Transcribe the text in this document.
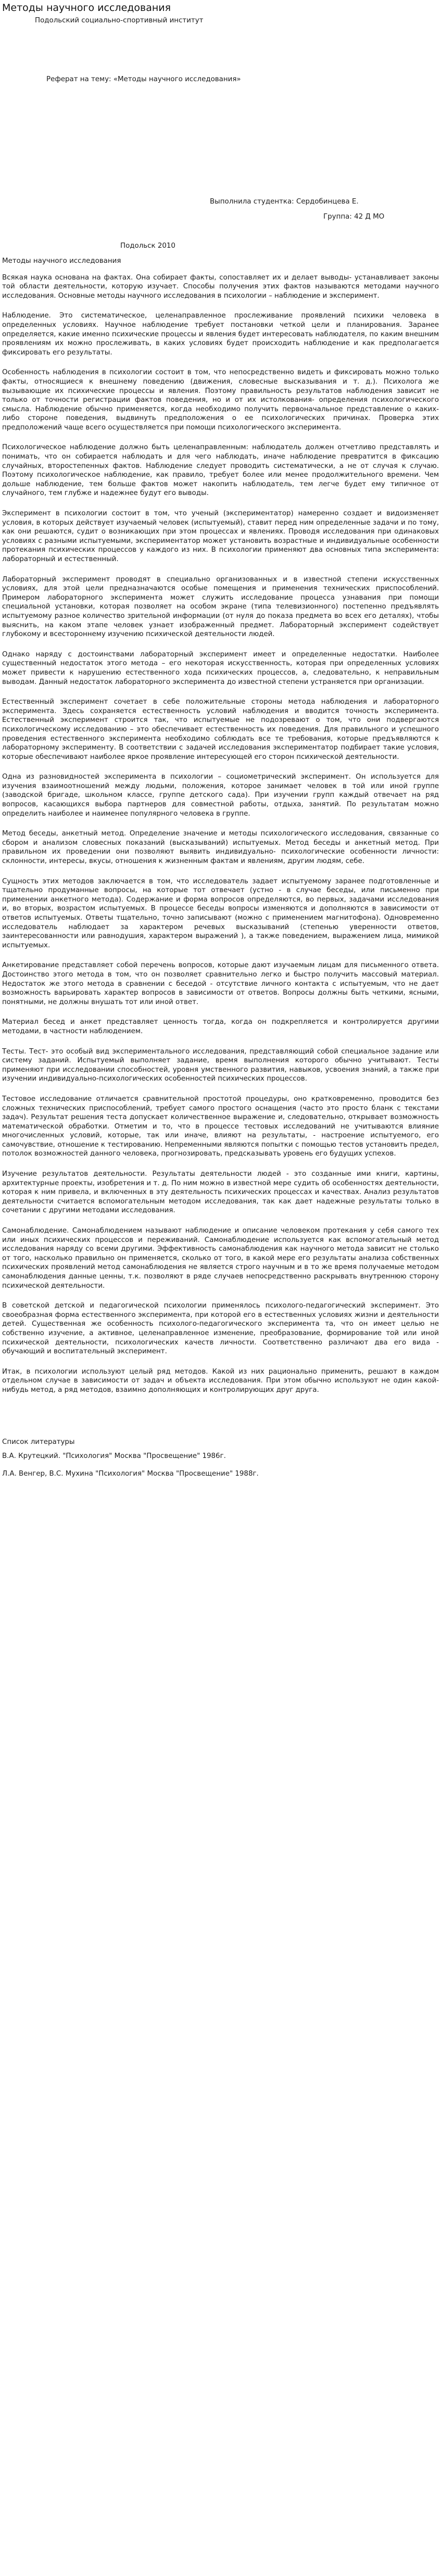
Методы научного исследования
Подольский социально-спортивный институт
Реферат на тему: «Методы научного исследования»
Выполнила студентка: Сердобинцева Е.
Группа: 42 Д МО
Подольск 2010
Методы научного исследования

Всякая наука основана на фактах. Она собирает факты, сопоставляет их и делает выводы- устанавливает законы той области деятельности, которую изучает. Способы получения этих фактов называются методами научного исследования. Основные методы научного исследования в психологии – наблюдение и эксперимент.

Наблюдение. Это систематическое, целенаправленное прослеживание проявлений психики человека в определенных условиях. Научное наблюдение требует постановки четкой цели и планирования. Заранее определяется, какие именно психические процессы и явления будет интересовать наблюдателя, по каким внешним проявлениям их можно прослеживать, в каких условиях будет происходить наблюдение и как предполагается фиксировать его результаты.

Особенность наблюдения в психологии состоит в том, что непосредственно видеть и фиксировать можно только факты, относящиеся к внешнему поведению (движения, словесные высказывания и т. д.). Психолога же вызывающие их психические процессы и явления. Поэтому правильность результатов наблюдения зависит не только от точности регистрации фактов поведения, но и от их истолкования- определения психологического смысла. Наблюдение обычно применяется, когда необходимо получить первоначальное представление о каких-либо сторонe поведения, выдвинуть предположения о ее психологических причинах. Проверка этих предположений чаще всего осуществляется при помощи психологического эксперимента.

Психологическое наблюдение должно быть целенаправленным: наблюдатель должен отчетливо представлять и понимать, что он собирается наблюдать и для чего наблюдать, иначе наблюдение превратится в фиксацию случайных, второстепенных фактов. Наблюдение следует проводить систематически, а не от случая к случаю. Поэтому психологическое наблюдение, как правило, требует более или менее продолжительного времени. Чем дольше наблюдение, тем больше фактов может накопить наблюдатель, тем легче будет ему типичное от случайного, тем глубже и надежнее будут его выводы.

Эксперимент в психологии состоит в том, что ученый (экспериментатор) намеренно создает и видоизменяет условия, в которых действует изучаемый человек (испытуемый), ставит перед ним определенные задачи и по тому, как они решаются, судит о возникающих при этом процессах и явлениях. Проводя исследования при одинаковых условиях с разными испытуемыми, экспериментатор может установить возрастные и индивидуальные особенности протекания психических процессов у каждого из них. В психологии применяют два основных типа эксперимента: лабораторный и естественный.

Лабораторный эксперимент проводят в специально организованных и в известной степени искусственных условиях, для этой цели предназначаются особые помещения и применения технических приспособлений. Примером лабораторного эксперимента может служить исследование процесса узнавания при помощи специальной установки, которая позволяет на особом экране (типа телевизионного) постепенно предъявлять испытуемому разное количество зрительной информации (от нуля до показа предмета во всех его деталях), чтобы выяснить, на каком этапе человек узнает изображенный предмет. Лабораторный эксперимент содействует глубокому и всестороннему изучению психической деятельности людей.

Однако наряду с достоинствами лабораторный эксперимент имеет и определенные недостатки. Наиболее существенный недостаток этого метода – его некоторая искусственность, которая при определенных условиях может привести к нарушению естественного хода психических процессов, а, следовательно, к неправильным выводам. Данный недостаток лабораторного эксперимента до известной степени устраняется при организации.

Естественный эксперимент сочетает в себе положительные стороны метода наблюдения и лабораторного эксперимента. Здесь сохраняется естественность условий наблюдения и вводится точность эксперимента. Естественный эксперимент строится так, что испытуемые не подозревают о том, что они подвергаются психологическому исследованию – это обеспечивает естественность их поведения. Для правильного и успешного проведения естественного эксперимента необходимо соблюдать все те требования, которые предъявляются к лабораторному эксперименту. В соответствии с задачей исследования экспериментатор подбирает такие условия, которые обеспечивают наиболее яркое проявление интересующей его сторон психической деятельности.

Одна из разновидностей эксперимента в психологии – социометрический эксперимент. Он используется для изучения взаимоотношений между людьми, положения, которое занимает человек в той или иной группе (заводской бригаде, школьном классе, группе детского сада). При изучении групп каждый отвечает на ряд вопросов, касающихся выбора партнеров для совместной работы, отдыха, занятий. По результатам можно определить наиболее и наименее популярного человека в группе.

Метод беседы, анкетный метод. Определение значение и методы психологического исследования, связанные со сбором и анализом словесных показаний (высказываний) испытуемых. Метод беседы и анкетный метод. При правильном их проведении они позволяют выявить индивидуально- психологические особенности личности: склонности, интересы, вкусы, отношения к жизненным фактам и явлениям, другим людям, себе.

Сущность этих методов заключается в том, что исследователь задает испытуемому заранее подготовленные и тщательно продуманные вопросы, на которые тот отвечает (устно - в случае беседы, или письменно при применении анкетного метода). Содержание и форма вопросов определяются, во первых, задачами исследования и, во вторых, возрастом испытуемых. В процессе беседы вопросы изменяются и дополняются в зависимости от ответов испытуемых. Ответы тщательно, точно записывают (можно с применением магнитофона). Одновременно исследователь наблюдает за характером речевых высказываний (степенью уверенности ответов, заинтересованности или равнодушия, характером выражений ), а также поведением, выражением лица, мимикой испытуемых.

Анкетирование представляет собой перечень вопросов, которые дают изучаемым лицам для письменного ответа. Достоинство этого метода в том, что он позволяет сравнительно легко и быстро получить массовый материал. Недостаток же этого метода в сравнении с беседой - отсутствие личного контакта с испытуемым, что не дает возможность варьировать характер вопросов в зависимости от ответов. Вопросы должны быть четкими, ясными, понятными, не должны внушать тот или иной ответ.

Материал бесед и анкет представляет ценность тогда, когда он подкрепляется и контролируется другими методами, в частности наблюдением.

Тесты. Тест- это особый вид экспериментального исследования, представляющий собой специальное задание или систему заданий. Испытуемый выполняет задание, время выполнения которого обычно учитывают. Тесты применяют при исследовании способностей, уровня умственного развития, навыков, усвоения знаний, а также при изучении индивидуально-психологических особенностей психических процессов.

Тестовое исследование отличается сравнительной простотой процедуры, оно кратковременно, проводится без сложных технических приспособлений, требует самого простого оснащения (часто это просто бланк с текстами задач). Результат решения теста допускает количественное выражение и, следовательно, открывает возможность математической обработки. Отметим и то, что в процессе тестовых исследований не учитываются влияние многочисленных условий, которые, так или иначе, влияют на результаты, - настроение испытуемого, его самочувствие, отношение к тестированию. Непременными являются попытки с помощью тестов установить предел, потолок возможностей данного человека, прогнозировать, предсказывать уровень его будущих успехов.

Изучение результатов деятельности. Результаты деятельности людей - это созданные ими книги, картины, архитектурные проекты, изобретения и т. д. По ним можно в известной мере судить об особенностях деятельности, которая к ним привела, и включенных в эту деятельность психических процессах и качествах. Анализ результатов деятельности считается вспомогательным методом исследования, так как дает надежные результаты только в сочетании с другими методами исследования.

Самонаблюдение. Самонаблюдением называют наблюдение и описание человеком протекания у себя самого тех или иных психических процессов и переживаний. Самонаблюдение используется как вспомогательный метод исследования наряду со всеми другими. Эффективность самонаблюдения как научного метода зависит не столько от того, насколько правильно он применяется, сколько от того, в какой мере его результаты анализа собственных психических проявлений метод самонаблюдения не является строго научным и в то же время получаемые методом самонаблюдения данные ценны, т.к. позволяют в ряде случаев непосредственно раскрывать внутреннюю сторону психической деятельности.

В советской детской и педагогической психологии применялось психолого-педагогический эксперимент. Это своеобразная форма естественного эксперимента, при которой его в естественных условиях жизни и деятельности детей. Существенная же особенность психолого-педагогического эксперимента та, что он имеет целью не собственно изучение, а активное, целенаправленное изменение, преобразование, формирование той или иной психической деятельности, психологических качеств личности. Соответственно различают два его вида - обучающий и воспитательный эксперимент.

Итак, в психологии используют целый ряд методов. Какой из них рационально применить, решают в каждом отдельном случае в зависимости от задач и объекта исследования. При этом обычно используют не один какой-нибудь метод, а ряд методов, взаимно дополняющих и контролирующих друг друга.

Список литературы
В.А. Крутецкий. "Психология" Москва "Просвещение" 1986г.
Л.А. Венгер, В.С. Мухина "Психология" Москва "Просвещение" 1988г.
